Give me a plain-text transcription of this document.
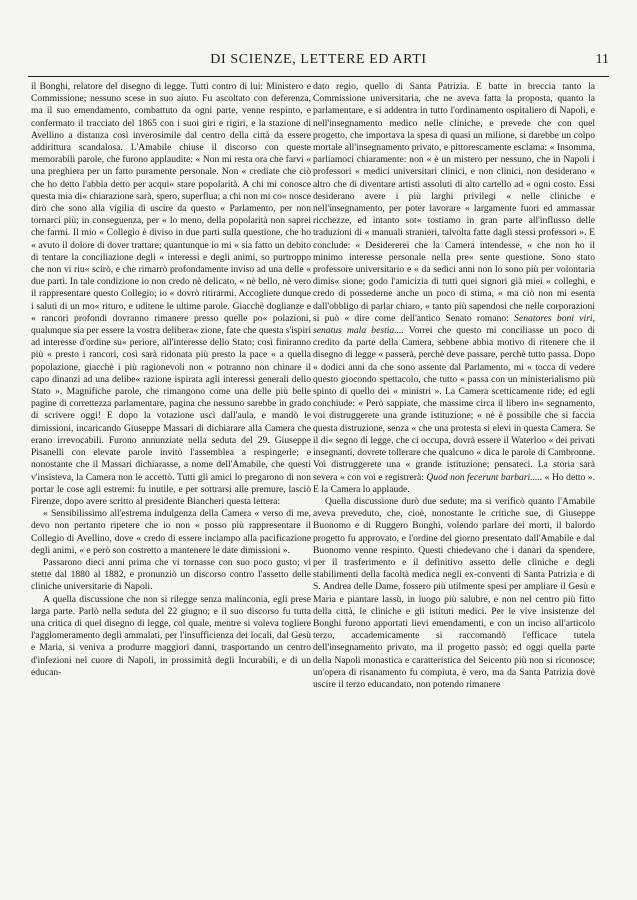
DI SCIENZE, LETTERE ED ARTI	11

il Bonghi, relatore del disegno di legge. Tutti contro di lui: Ministero e Commissione; nessuno scese in suo aiuto. Fu ascoltato con deferenza, ma il suo emendamento, combattuto da ogni parte, venne respinto, e confermato il tracciato del 1865 con i suoi giri e rigiri, e la stazione di Avellino a distanza così inverosimile dal centro della città da essere addirittura scandalosa. L'Amabile chiuse il discorso con queste memorabili parole, che furono applaudite: « Non mi resta ora che farvi « una preghiera per un fatto puramente personale. Non « crediate che ciò che ho detto l'abbia detto per acqui« stare popolarità. A chi mi conosce questa mia di« chiarazione sarà, spero, superflua; a chi non mi co« nosce dirò che sono alla vigilia di uscire da questo « Parlamento, per non tornarci più; in conseguenza, per « lo meno, della popolarità non saprei che farmi. Il mio « Collegio è diviso in due parti sulla questione, che ho « avuto il dolore di dover trattare; quantunque io mi « sia fatto un debito di tentare la conciliazione degli « interessi e degli animi, so purtroppo che non vi riu« scirò, e che rimarrò profondamente inviso ad una delle « due parti. In tale condizione io non credo nè delicato, « nè bello, nè vero il rappresentare questo Collegio; io « dovrò ritirarmi. Accogliete dunque i saluti di un mo« rituro, e uditene le ultime parole. Giacchè doglianze e « rancori profondi dovranno rimanere presso quelle po« polazioni, qualunque sia per essere la vostra delibera« zione, fate che questa s'ispiri ad interesse d'ordine su« periore, all'interesse dello Stato; così finiranno più « presto i rancori, così sarà ridonata più presto la pace « a quella popolazione, giacchè i più ragionevoli non « potranno non chinare il capo dinanzi ad una delibe« razione ispirata agli interessi generali dello Stato ». Magnifiche parole, che rimangono come una delle più belle pagine di correttezza parlamentare, pagina che nessuno sarebbe in grado di scrivere oggi! E dopo la votazione uscì dall'aula, e mandò le dimissioni, incaricando Giuseppe Massari di dichiarare alla Camera che erano irrevocabili. Furono annunziate nella seduta del 29. Giuseppe Pisanelli con elevate parole invitò l'assemblea a respingerle; e nonostante che il Massari dichiarasse, a nome dell'Amabile, che questi v'insisteva, la Camera non le accettò. Tutti gli amici lo pregarono di non portar le cose agli estremi: fu inutile, e per sottrarsi alle premure, lasciò Firenze, dopo avere scritto al presidente Biancheri questa lettera:

« Sensibilissimo all'estrema indulgenza della Camera « verso di me, devo non pertanto ripetere che io non « posso più rappresentare il Collegio di Avellino, dove « credo di essere inciampo alla pacificazione degli animi, « e però son costretto a mantenere le date dimissioni ».

Passarono dieci anni prima che vi tornasse con suo poco gusto; vi stette dal 1880 al 1882, e pronunziò un discorso contro l'assetto delle cliniche universitarie di Napoli.

A quella discussione che non si rilegge senza malinconia, egli prese larga parte. Parlò nella seduta del 22 giugno; e il suo discorso fu tutta una critica di quel disegno di legge, col quale, mentre si voleva togliere l'agglomeramento degli ammalati, per l'insufficienza dei locali, dal Gesù e Maria, si veniva a produrre maggiori danni, trasportando un centro d'infezioni nel cuore di Napoli, in prossimità degli Incurabili, e di un educan-

dato regio, quello di Santa Patrizia. E batte in breccia tanto la Commissione universitaria, che ne aveva fatta la proposta, quanto la parlamentare, e si addentra in tutto l'ordinamento ospitaliero di Napoli, e nell'insegnamento medico nelle cliniche, e prevede che con quel progetto, che importava la spesa di quasi un milione, si darebbe un colpo mortale all'insegnamento privato, e pittorescamente esclama: « Insomma, parliamoci chiaramente: non « è un mistero per nessuno, che in Napoli i professori « medici universitari clinici, e non clinici, non desiderano « altro che di diventare artisti assoluti di alto cartello ad « ogni costo. Essi desiderano avere i più larghi privilegi « nelle cliniche e nell'insegnamento, per poter lavorare « largamente fuori ed ammassar ricchezze, ed intanto sot« tostiamo in gran parte all'influsso delle traduzioni di « manuali stranieri, talvolta fatte dagli stessi professori ». E conclude: « Desidererei che la Camera intendesse, « che non ho il minimo interesse personale nella pre« sente questione. Sono stato professore universitario e « da sedici anni non lo sono più per volontaria dimis« sione; godo l'amicizia di tutti quei signori già miei « colleghi, e credo di possederne anche un poco di stima, « ma ciò non mi esenta dall'obbligo di parlar chiaro, « tanto più sapendosi che nelle corporazioni si può « dire come dell'antico Senato romano: Senatores boni viri, senatus mala bestia.... Vorrei che questo mi conciliasse un poco di credito da parte della Camera, sebbene abbia motivo di ritenere che il disegno di legge « passerà, perchè deve passare, perchè tutto passa. Dopo « dodici anni da che sono assente dal Parlamento, mi « tocca di vedere questo giocondo spettacolo, che tutto « passa con un ministerialismo più spinto di quello dei « ministri ». La Camera scetticamente ride; ed egli conchiude: « Però sappiate, che massime circa il libero in« segnamento, voi distruggerete una grande istituzione; « nè è possibile che si faccia questa distruzione, senza « che una protesta si elevi in questa Camera. Se il di« segno di legge, che ci occupa, dovrà essere il Waterloo « dei privati insegnanti, dovrete tollerare che qualcuno « dica le parole di Cambronne. Voi distruggerete una « grande istituzione; pensateci. La storia sarà severa « con voi e registrerà: Quod non fecerunt barbari..... « Ho detto ». E la Camera lo applaude.

Quella discussione durò due sedute; ma si verificò quanto l'Amabile aveva preveduto, che, cioè, nonostante le critiche sue, di Giuseppe Buonomo e di Ruggero Bonghi, volendo parlare dei morti, il balordo progetto fu approvato, e l'ordine del giorno presentato dall'Amabile e dal Buonomo venne respinto. Questi chiedevano che i danari da spendere, per il trasferimento e il definitivo assetto delle cliniche e degli stabilimenti della facoltà medica negli ex-conventi di Santa Patrizia e di S. Andrea delle Dame, fossero più utilmente spesi per ampliare il Gesù e Maria e piantare lassù, in luogo più salubre, e non nel centro più fitto della città, le cliniche e gli istituti medici. Per le vive insistenze del Bonghi furono apportati lievi emendamenti, e con un inciso all'articolo terzo, accademicamente si raccomandò l'efficace tutela dell'insegnamento privato, ma il progetto passò; ed oggi quella parte della Napoli monastica e caratteristica del Seicento più non si riconosce; un'opera di risanamento fu compiuta, è vero, ma da Santa Patrizia dovè uscire il terzo educandato, non potendo rimanere
